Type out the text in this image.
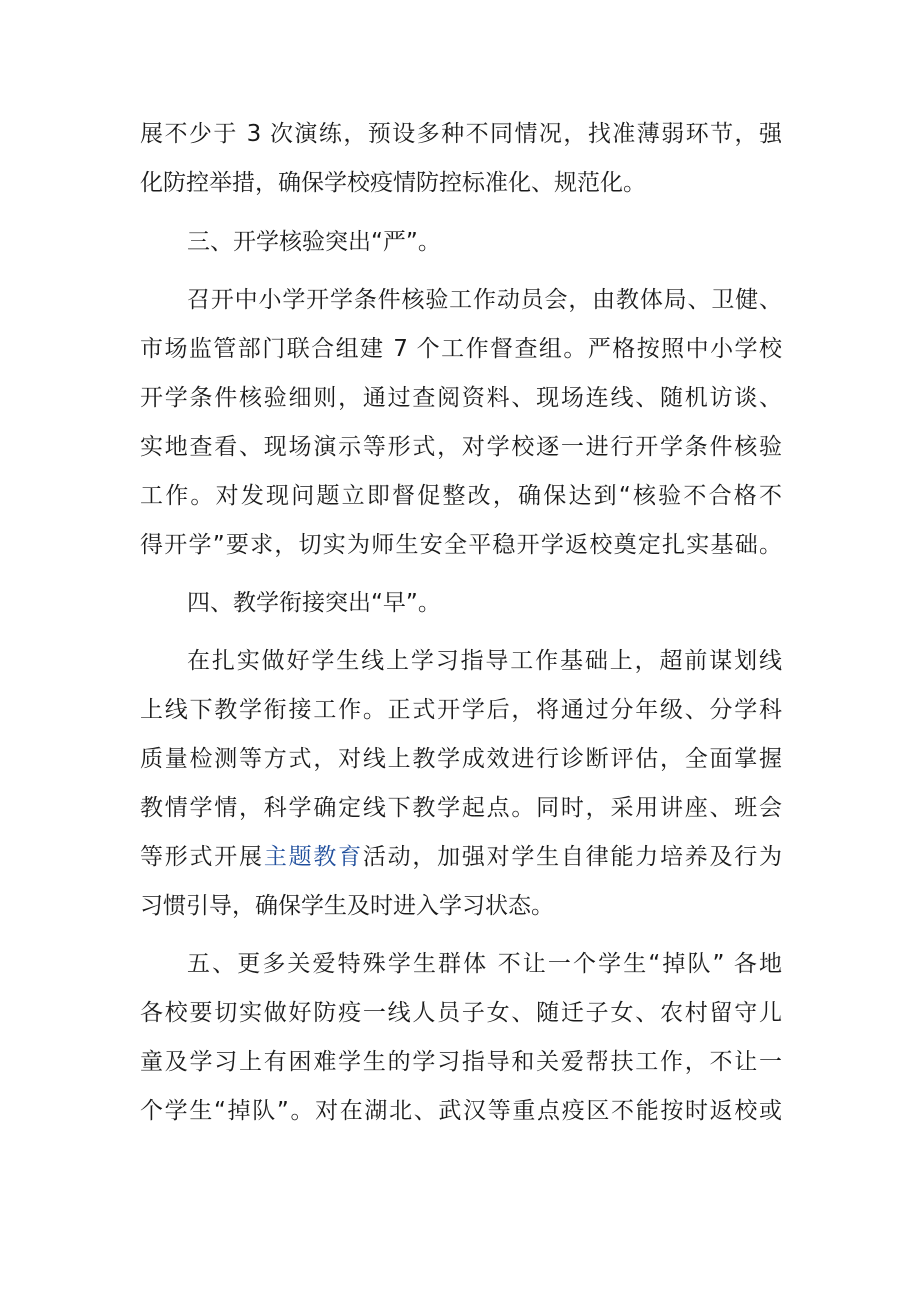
展不少于 3 次演练，预设多种不同情况，找准薄弱环节，强
化防控举措，确保学校疫情防控标准化、规范化。
三、开学核验突出“严”。
召开中小学开学条件核验工作动员会，由教体局、卫健、
市场监管部门联合组建 7 个工作督查组。严格按照中小学校
开学条件核验细则，通过查阅资料、现场连线、随机访谈、
实地查看、现场演示等形式，对学校逐一进行开学条件核验
工作。对发现问题立即督促整改，确保达到“核验不合格不
得开学”要求，切实为师生安全平稳开学返校奠定扎实基础。
四、教学衔接突出“早”。
在扎实做好学生线上学习指导工作基础上，超前谋划线
上线下教学衔接工作。正式开学后，将通过分年级、分学科
质量检测等方式，对线上教学成效进行诊断评估，全面掌握
教情学情，科学确定线下教学起点。同时，采用讲座、班会
等形式开展主题教育活动，加强对学生自律能力培养及行为
习惯引导，确保学生及时进入学习状态。
五、更多关爱特殊学生群体 不让一个学生“掉队” 各地
各校要切实做好防疫一线人员子女、随迁子女、农村留守儿
童及学习上有困难学生的学习指导和关爱帮扶工作，不让一
个学生“掉队”。对在湖北、武汉等重点疫区不能按时返校或
